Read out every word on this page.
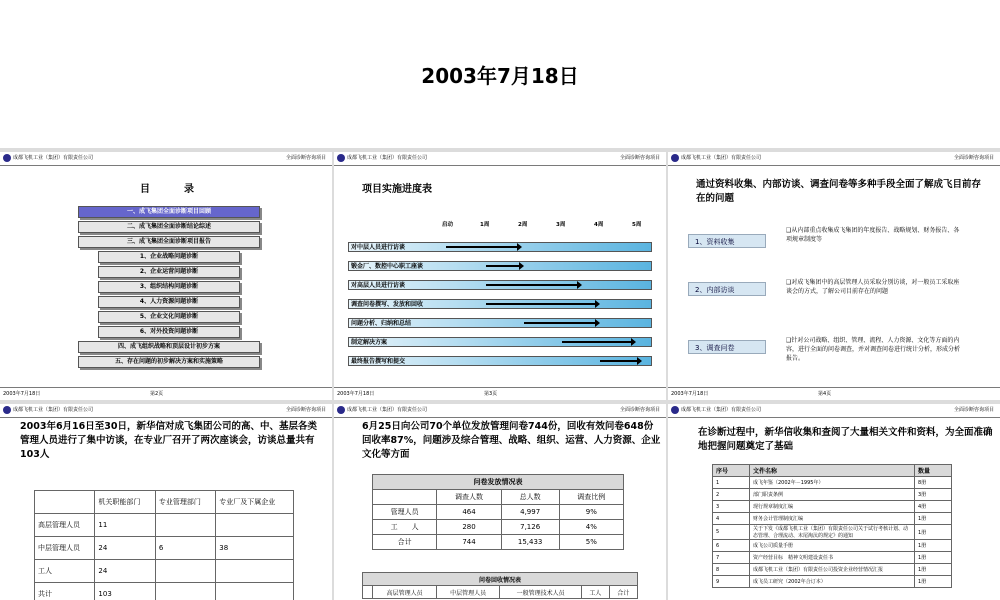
2003年7月18日
成都飞机工业（集团）有限责任公司	全面诊断咨询项目
目　录
一、成飞集团全面诊断项目回顾
二、成飞集团全面诊断结论综述
三、成飞集团全面诊断项目报告
1、企业战略问题诊断
2、企业运营问题诊断
3、组织结构问题诊断
4、人力资源问题诊断
5、企业文化问题诊断
6、对外投资问题诊断
四、成飞组织战略和顶层设计初步方案
五、存在问题的初步解决方案和实施策略
2003年7月18日	第2页
成都飞机工业（集团）有限责任公司	全面诊断咨询项目
项目实施进度表
启动	1周	2周	3周	4周	5周
对中层人员进行访谈
锻金厂、数控中心职工座谈
对高层人员进行访谈
调查问卷撰写、发放和回收
问题分析、归纳和总结
制定解决方案
最终报告撰写和提交
2003年7月18日	第3页
成都飞机工业（集团）有限责任公司	全面诊断咨询项目
通过资料收集、内部访谈、调查问卷等多种手段全面了解成飞目前存在的问题
1、资料收集
❑从内部重点收集成飞集团的年度报告、战略规划、财务报告、各项规章制度等
2、内部访谈
❑对成飞集团中的高层管理人员采取分别访谈，对一般员工采取座谈会的方式，了解公司目前存在的问题
3、调查问卷
❑针对公司战略、组织、管理、流程、人力资源、文化等方面的内容，进行全面的问卷调查，并对调查问卷进行统计分析，形成分析报告。
2003年7月18日	第4页
成都飞机工业（集团）有限责任公司	全面诊断咨询项目
2003年6月16日至30日，新华信对成飞集团公司的高、中、基层各类管理人员进行了集中访谈，在专业厂召开了两次座谈会，访谈总量共有103人
	机关职能部门	专业管理部门	专业厂及下属企业
高层管理人员	11		
中层管理人员	24	6	38
工人	24		
共计	103		
成都飞机工业（集团）有限责任公司	全面诊断咨询项目
6月25日向公司70个单位发放管理问卷744份，回收有效问卷648份回收率87%，问题涉及综合管理、战略、组织、运营、人力资源、企业文化等方面
问卷发放情况表			
	调查人数	总人数	调查比例
管理人员	464	4,997	9%
工　　人	280	7,126	4%
合计	744	15,433	5%
问卷回收情况表
	高层管理人员	中层管理人员	一般管理技术人员	工人	合计
成都飞机工业（集团）有限责任公司	全面诊断咨询项目
在诊断过程中，新华信收集和查阅了大量相关文件和资料，为全面准确地把握问题奠定了基础
序号	文件名称	数量
1	成飞年鉴（2002年－1995年）	8册
2	部门职责条例	3册
3	现行规章制度汇编	4册
4	财务会计管理制度汇编	1册
5	关于下发《成都飞机工业（集团）有限责任公司关于试行考核计划、动态管理、合理流动、末尾淘汰的规定》的通知	1册
6	成飞公司质量手册	1册
7	资产经营目标　精神文明建设责任书	1册
8	成都飞机工业（集团）有限责任公司投资企业经营情况汇报	1册
9	成飞员工研究（2002年合订本）	1册
